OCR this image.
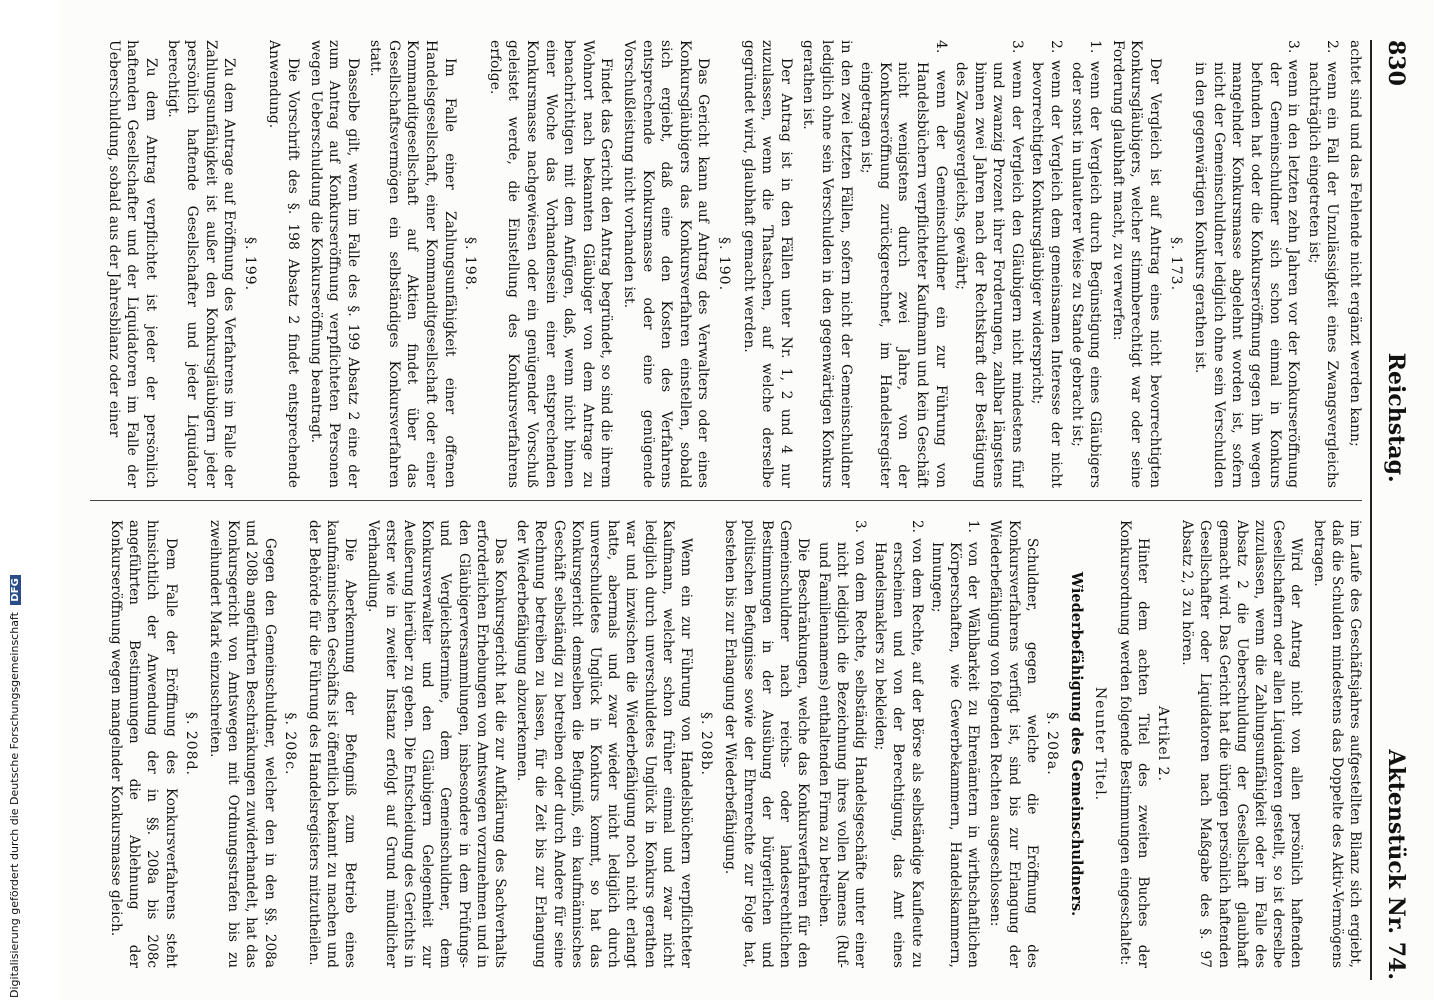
Digitalisierung gefördert durch die Deutsche Forschungsgemeinschaft DFG
830
Reichstag.
Aktenstück Nr. 74.

achtet sind und das Fehlende nicht ergänzt werden kann;

2. wenn ein Fall der Unzulässigkeit eines Zwangsvergleichs nachträglich eingetreten ist;

3. wenn in den letzten zehn Jahren vor der Konkurseröffnung der Gemeinschuldner sich schon einmal in Konkurs befunden hat oder die Konkurseröffnung gegen ihn wegen mangelnder Konkursmasse abgelehnt worden ist, sofern nicht der Gemeinschuldner lediglich ohne sein Verschulden in den gegenwärtigen Konkurs gerathen ist.

§. 173.

Der Vergleich ist auf Antrag eines nicht bevorrechtigten Konkursgläubigers, welcher stimmberechtigt war oder seine Forderung glaubhaft macht, zu verwerfen:

1. wenn der Vergleich durch Begünstigung eines Gläubigers oder sonst in unlauterer Weise zu Stande gebracht ist;

2. wenn der Vergleich dem gemeinsamen Interesse der nicht bevorrechtigten Konkursgläubiger widerspricht;

3. wenn der Vergleich den Gläubigern nicht mindestens fünf und zwanzig Prozent ihrer Forderungen, zahlbar längstens binnen zwei Jahren nach der Rechtskraft der Bestätigung des Zwangsvergleichs, gewährt;

4. wenn der Gemeinschuldner ein zur Führung von Handelsbüchern verpflichteter Kaufmann und kein Geschäft nicht wenigstens durch zwei Jahre, von der Konkurseröffnung zurückgerechnet, im Handelsregister eingetragen ist;

in den zwei letzten Fällen, sofern nicht der Gemeinschuldner lediglich ohne sein Verschulden in den gegenwärtigen Konkurs gerathen ist.

Der Antrag ist in den Fällen unter Nr. 1, 2 und 4 nur zuzulassen, wenn die Thatsachen, auf welche derselbe gegründet wird, glaubhaft gemacht werden.

§. 190.

Das Gericht kann auf Antrag des Verwalters oder eines Konkursgläubigers das Konkursverfahren einstellen, sobald sich ergiebt, daß eine den Kosten des Verfahrens entsprechende Konkursmasse oder eine genügende Vorschußleistung nicht vorhanden ist.

Findet das Gericht den Antrag begründet, so sind die ihrem Wohnort nach bekannten Gläubiger von dem Antrage zu benachrichtigen mit dem Anfügen, daß, wenn nicht binnen einer Woche das Vorhandensein einer entsprechenden Konkursmasse nachgewiesen oder ein genügender Vorschuß geleistet werde, die Einstellung des Konkursverfahrens erfolge.

§. 198.

Im Falle einer Zahlungsunfähigkeit einer offenen Handelsgesellschaft, einer Kommanditgesellschaft oder einer Kommanditgesellschaft auf Aktien findet über das Gesellschaftsvermögen ein selbständiges Konkursverfahren statt.

Dasselbe gilt, wenn im Falle des §. 199 Absatz 2 eine der zum Antrag auf Konkurseröffnung verpflichteten Personen wegen Ueberschuldung die Konkurseröffnung beantragt.

Die Vorschrift des §. 198 Absatz 2 findet entsprechende Anwendung.

§. 199.

Zu dem Antrage auf Eröffnung des Verfahrens im Falle der Zahlungsunfähigkeit ist außer den Konkursgläubigern jeder persönlich haftende Gesellschafter und jeder Liquidator berechtigt.

Zu dem Antrag verpflichtet ist jeder der persönlich haftenden Gesellschafter und der Liquidatoren im Falle der Ueberschuldung, sobald aus der Jahresbilanz oder einer

im Laufe des Geschäftsjahres aufgestellten Bilanz sich ergiebt, daß die Schulden mindestens das Doppelte des Aktiv-Vermögens betragen.

Wird der Antrag nicht von allen persönlich haftenden Gesellschaftern oder allen Liquidatoren gestellt, so ist derselbe zuzulassen, wenn die Zahlungsunfähigkeit oder im Falle des Absatz 2 die Ueberschuldung der Gesellschaft glaubhaft gemacht wird. Das Gericht hat die übrigen persönlich haftenden Gesellschafter oder Liquidatoren nach Maßgabe des §. 97 Absatz 2, 3 zu hören.

Artikel 2.

Hinter dem achten Titel des zweiten Buches der Konkursordnung werden folgende Bestimmungen eingeschaltet:

Neunter Titel.

Wiederbefähigung des Gemeinschuldners.

§. 208a.

Schuldner, gegen welche die Eröffnung des Konkursverfahrens verfügt ist, sind bis zur Erlangung der Wiederbefähigung von folgenden Rechten ausgeschlossen:

1. von der Wählbarkeit zu Ehrenämtern in wirthschaftlichen Körperschaften, wie Gewerbekammern, Handelskammern, Innungen;

2. von dem Rechte, auf der Börse als selbständige Kaufleute zu erscheinen und von der Berechtigung, das Amt eines Handelsmaklers zu bekleiden;

3. von dem Rechte, selbständig Handelsgeschäfte unter einer nicht lediglich die Bezeichnung ihres vollen Namens (Ruf- und Familiennamens) enthaltenden Firma zu betreiben.

Die Beschränkungen, welche das Konkursverfahren für den Gemeinschuldner nach reichs- oder landesrechtlichen Bestimmungen in der Ausübung der bürgerlichen und politischen Befugnisse sowie der Ehrenrechte zur Folge hat, bestehen bis zur Erlangung der Wiederbefähigung.

§. 208b.

Wenn ein zur Führung von Handelsbüchern verpflichteter Kaufmann, welcher schon früher einmal und zwar nicht lediglich durch unverschuldetes Unglück in Konkurs gerathen war und inzwischen die Wiederbefähigung noch nicht erlangt hatte, abermals und zwar wieder nicht lediglich durch unverschuldetes Unglück in Konkurs kommt, so hat das Konkursgericht demselben die Befugniß, ein kaufmännisches Geschäft selbständig zu betreiben oder durch Andere für seine Rechnung betreiben zu lassen, für die Zeit bis zur Erlangung der Wiederbefähigung abzuerkennen.

Das Konkursgericht hat die zur Aufklärung des Sachverhalts erforderlichen Erhebungen von Amtswegen vorzunehmen und in den Gläubigerversammlungen, insbesondere in dem Prüfungs- und Vergleichstermine, dem Gemeinschuldner, dem Konkursverwalter und den Gläubigern Gelegenheit zur Aeußerung hierüber zu geben. Die Entscheidung des Gerichts in erster wie in zweiter Instanz erfolgt auf Grund mündlicher Verhandlung.

Die Aberkennung der Befugniß zum Betrieb eines kaufmännischen Geschäfts ist öffentlich bekannt zu machen und der Behörde für die Führung des Handelsregisters mitzutheilen.

§. 208c.

Gegen den Gemeinschuldner, welcher den in den §§. 208a und 208b angeführten Beschränkungen zuwiderhandelt, hat das Konkursgericht von Amtswegen mit Ordnungsstrafen bis zu zweihundert Mark einzuschreiten.

§. 208d.

Dem Falle der Eröffnung des Konkursverfahrens steht hinsichtlich der Anwendung der in §§. 208a bis 208c angeführten Bestimmungen die Ablehnung der Konkurseröffnung wegen mangelnder Konkursmasse gleich.
